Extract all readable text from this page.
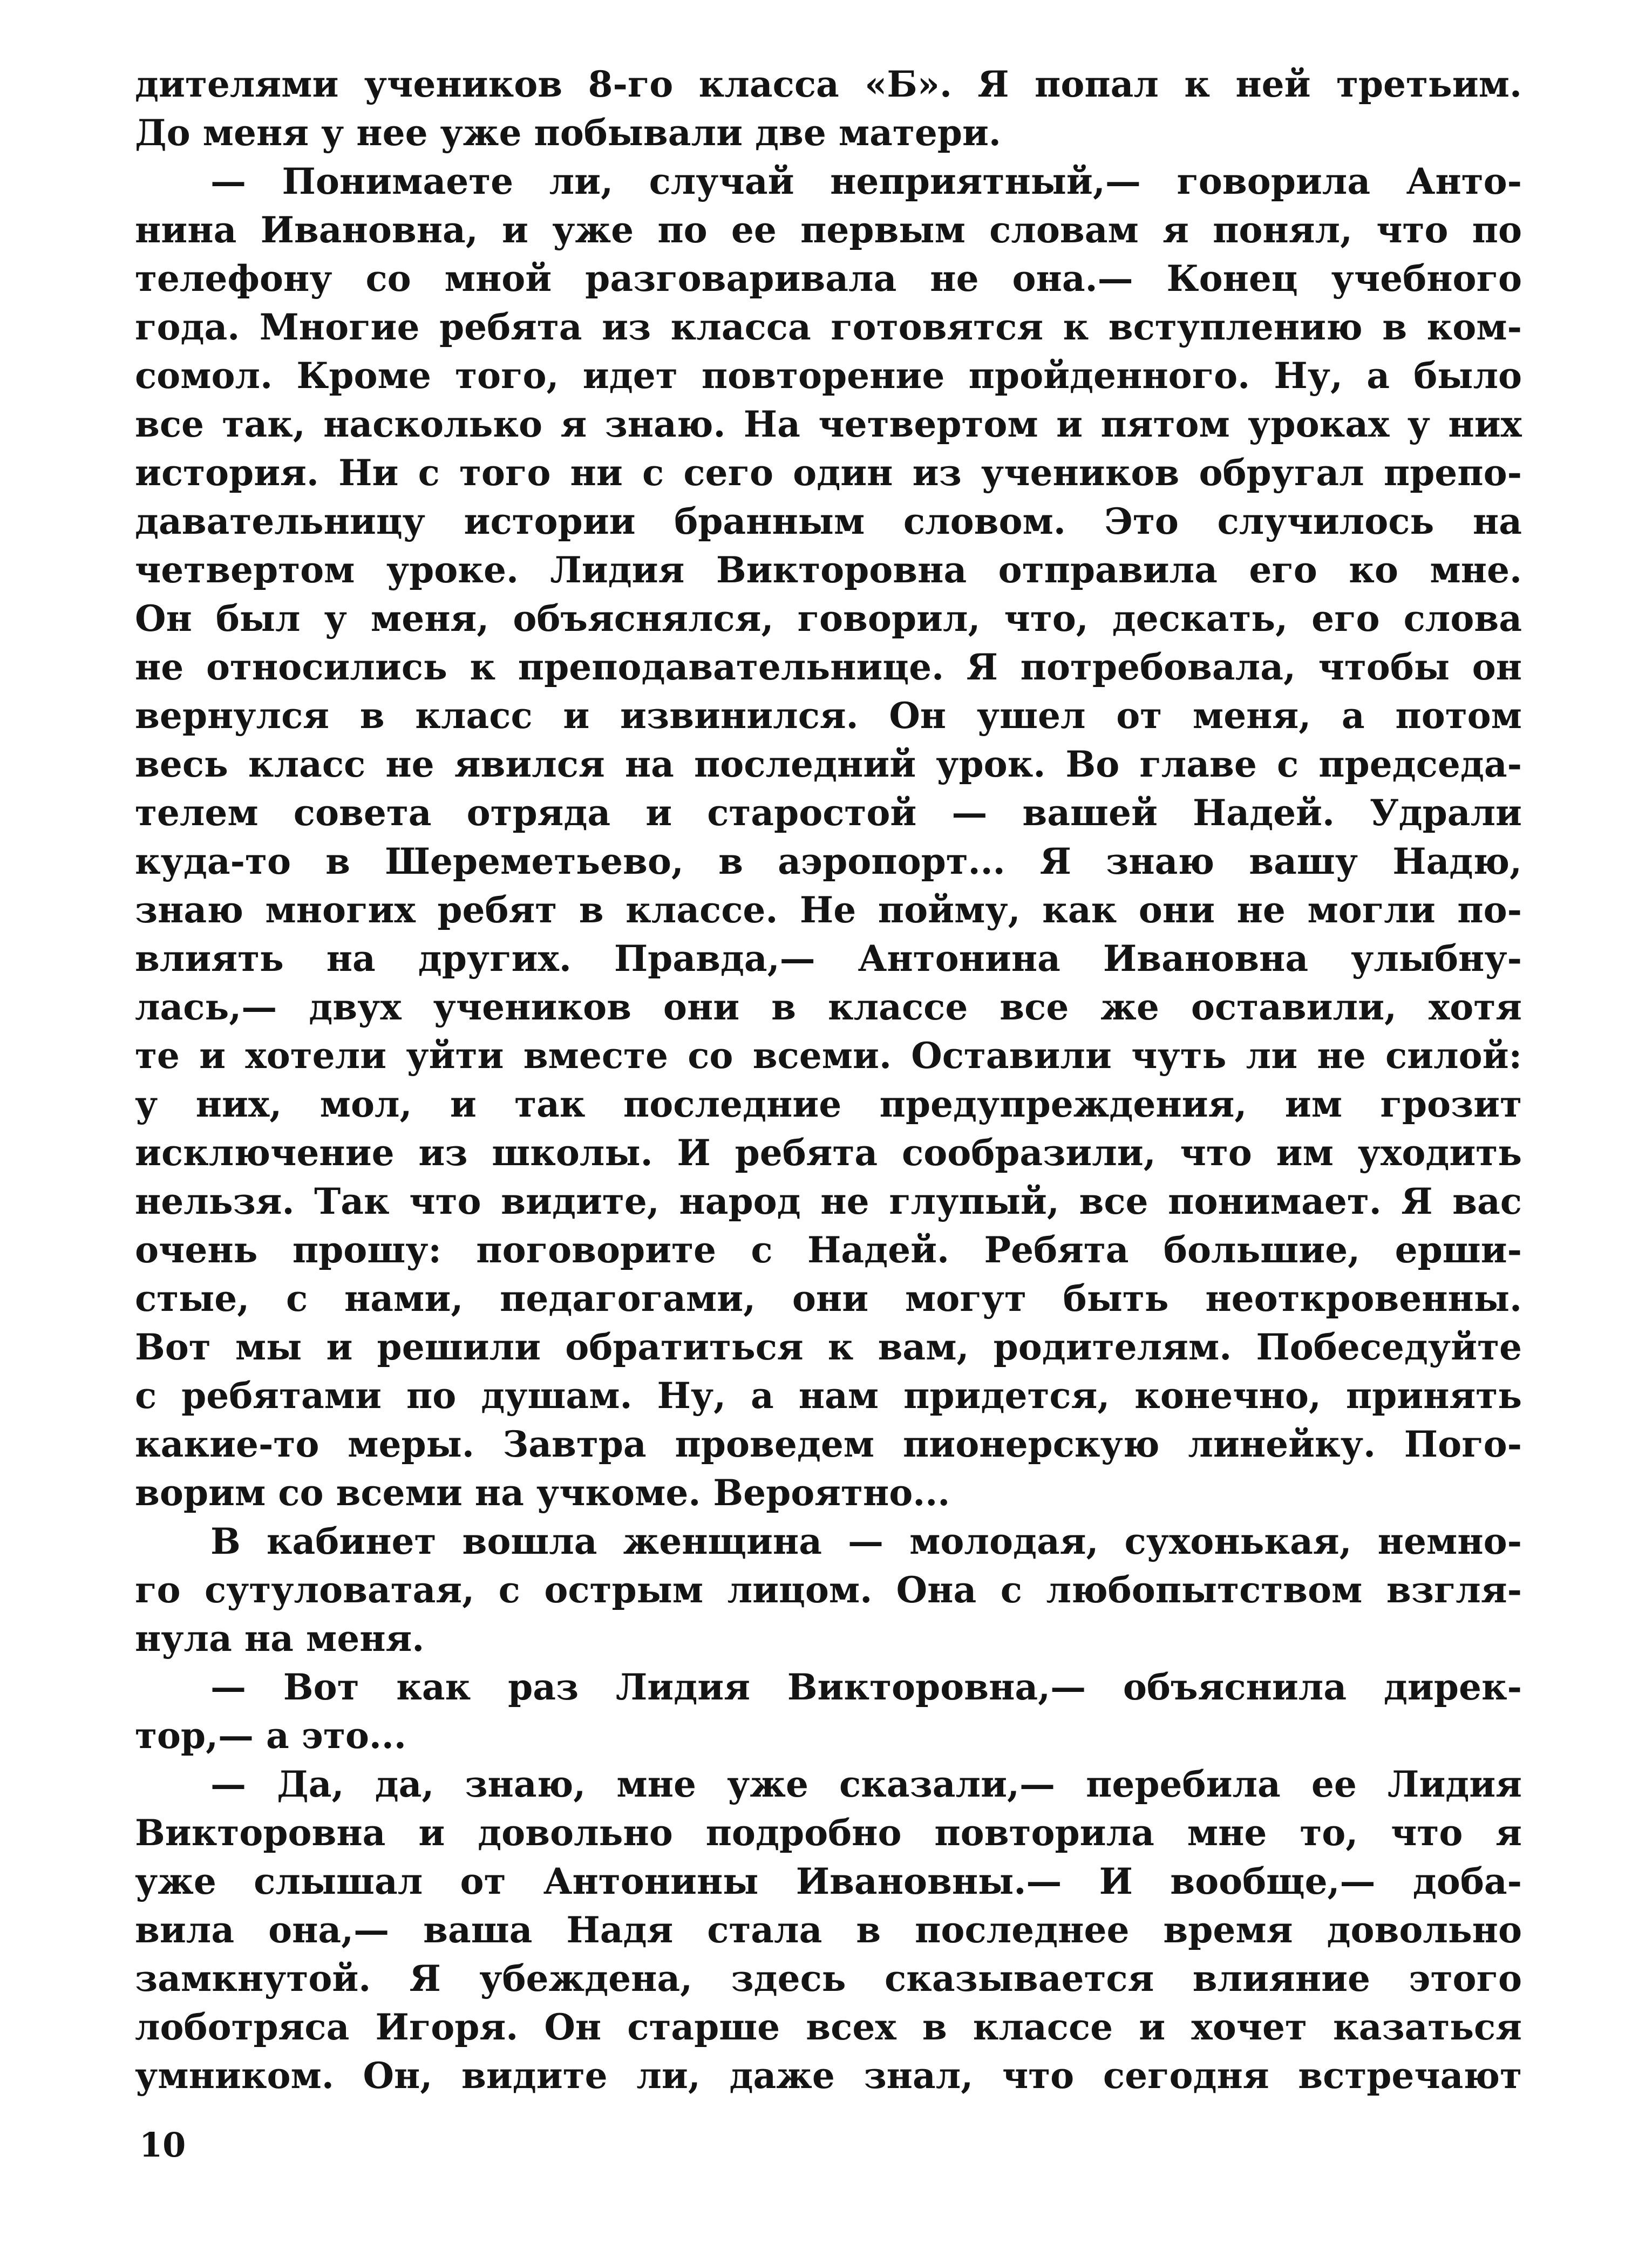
дителями учеников 8-го класса «Б». Я попал к ней третьим.
До меня у нее уже побывали две матери.
— Понимаете ли, случай неприятный,— говорила Анто-
нина Ивановна, и уже по ее первым словам я понял, что по
телефону со мной разговаривала не она.— Конец учебного
года. Многие ребята из класса готовятся к вступлению в ком-
сомол. Кроме того, идет повторение пройденного. Ну, а было
все так, насколько я знаю. На четвертом и пятом уроках у них
история. Ни с того ни с сего один из учеников обругал препо-
давательницу истории бранным словом. Это случилось на
четвертом уроке. Лидия Викторовна отправила его ко мне.
Он был у меня, объяснялся, говорил, что, дескать, его слова
не относились к преподавательнице. Я потребовала, чтобы он
вернулся в класс и извинился. Он ушел от меня, а потом
весь класс не явился на последний урок. Во главе с председа-
телем совета отряда и старостой — вашей Надей. Удрали
куда-то в Шереметьево, в аэропорт... Я знаю вашу Надю,
знаю многих ребят в классе. Не пойму, как они не могли по-
влиять на других. Правда,— Антонина Ивановна улыбну-
лась,— двух учеников они в классе все же оставили, хотя
те и хотели уйти вместе со всеми. Оставили чуть ли не силой:
у них, мол, и так последние предупреждения, им грозит
исключение из школы. И ребята сообразили, что им уходить
нельзя. Так что видите, народ не глупый, все понимает. Я вас
очень прошу: поговорите с Надей. Ребята большие, ерши-
стые, с нами, педагогами, они могут быть неоткровенны.
Вот мы и решили обратиться к вам, родителям. Побеседуйте
с ребятами по душам. Ну, а нам придется, конечно, принять
какие-то меры. Завтра проведем пионерскую линейку. Пого-
ворим со всеми на учкоме. Вероятно...
В кабинет вошла женщина — молодая, сухонькая, немно-
го сутуловатая, с острым лицом. Она с любопытством взгля-
нула на меня.
— Вот как раз Лидия Викторовна,— объяснила дирек-
тор,— а это...
— Да, да, знаю, мне уже сказали,— перебила ее Лидия
Викторовна и довольно подробно повторила мне то, что я
уже слышал от Антонины Ивановны.— И вообще,— доба-
вила она,— ваша Надя стала в последнее время довольно
замкнутой. Я убеждена, здесь сказывается влияние этого
лоботряса Игоря. Он старше всех в классе и хочет казаться
умником. Он, видите ли, даже знал, что сегодня встречают
10
